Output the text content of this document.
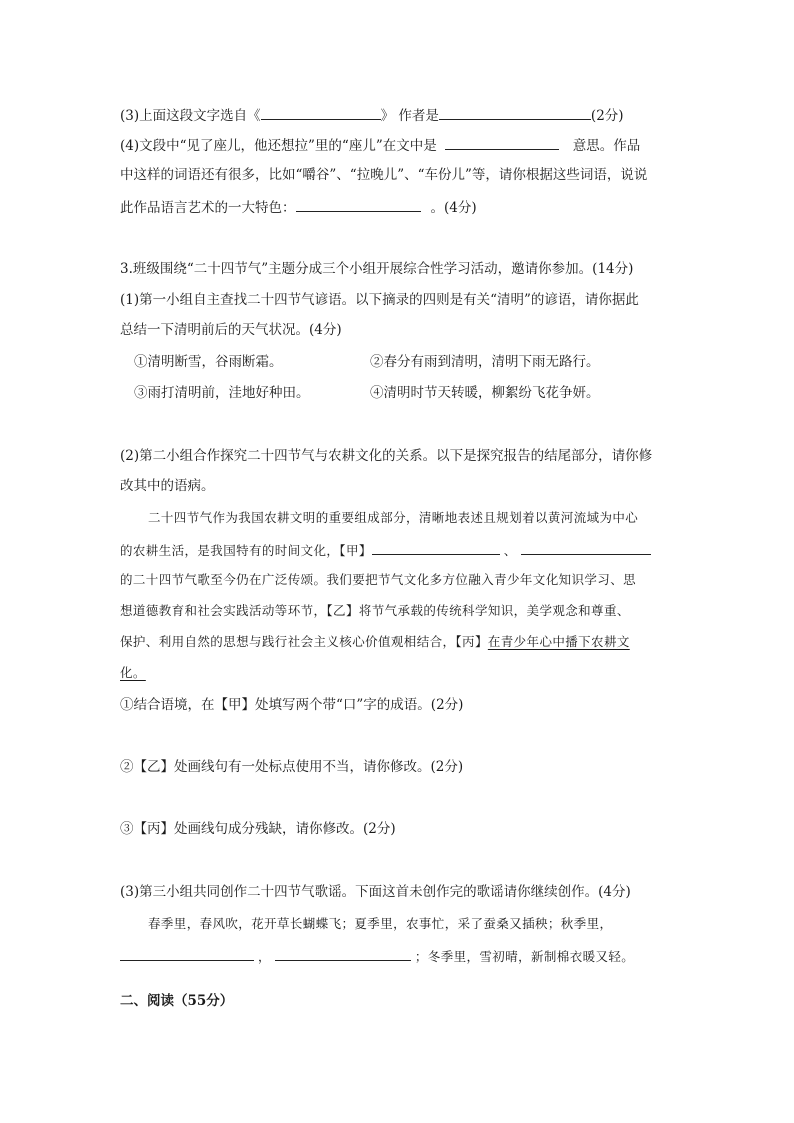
(3)上面这段文字选自《	》 作者是	(2分)
(4)文段中“见了座儿，他还想拉”里的“座儿”在文中是	意思。作品
中这样的词语还有很多，比如“嚼谷”、“拉晚儿”、“车份儿”等，请你根据这些词语，说说
此作品语言艺术的一大特色：	。(4分)
3.班级围绕“二十四节气”主题分成三个小组开展综合性学习活动，邀请你参加。(14分)
(1)第一小组自主查找二十四节气谚语。以下摘录的四则是有关“清明”的谚语，请你据此
总结一下清明前后的天气状况。(4分)
①清明断雪，谷雨断霜。	②春分有雨到清明，清明下雨无路行。
③雨打清明前，洼地好种田。	④清明时节天转暖，柳絮纷飞花争妍。
(2)第二小组合作探究二十四节气与农耕文化的关系。以下是探究报告的结尾部分，请你修
改其中的语病。
二十四节气作为我国农耕文明的重要组成部分，清晰地表述且规划着以黄河流域为中心
的农耕生活，是我国特有的时间文化，【甲】	、
的二十四节气歌至今仍在广泛传颂。我们要把节气文化多方位融入青少年文化知识学习、思
想道德教育和社会实践活动等环节，【乙】将节气承载的传统科学知识，美学观念和尊重、
保护、利用自然的思想与践行社会主义核心价值观相结合，【丙】在青少年心中播下农耕文
化。
①结合语境，在【甲】处填写两个带“口”字的成语。(2分)
②【乙】处画线句有一处标点使用不当，请你修改。(2分)
③【丙】处画线句成分残缺，请你修改。(2分)
(3)第三小组共同创作二十四节气歌谣。下面这首未创作完的歌谣请你继续创作。(4分)
春季里，春风吹，花开草长蝴蝶飞；夏季里，农事忙，采了蚕桑又插秧；秋季里，
，	；冬季里，雪初晴，新制棉衣暖又轻。
二、阅读（55分）
